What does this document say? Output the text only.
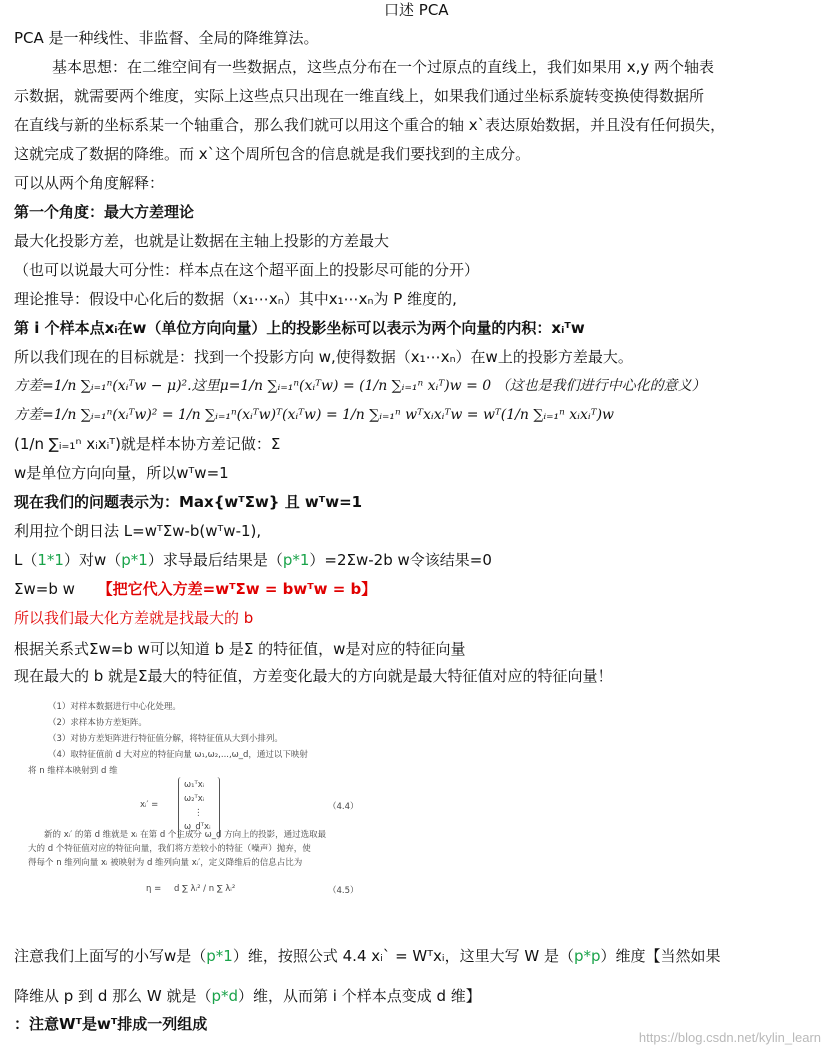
口述 PCA
PCA 是一种线性、非监督、全局的降维算法。
基本思想：在二维空间有一些数据点，这些点分布在一个过原点的直线上，我们如果用 x,y 两个轴表
示数据，就需要两个维度，实际上这些点只出现在一维直线上，如果我们通过坐标系旋转变换使得数据所
在直线与新的坐标系某一个轴重合，那么我们就可以用这个重合的轴 x`表达原始数据，并且没有任何损失，
这就完成了数据的降维。而 x`这个周所包含的信息就是我们要找到的主成分。
可以从两个角度解释：
第一个角度：最大方差理论
最大化投影方差，也就是让数据在主轴上投影的方差最大
（也可以说最大可分性：样本点在这个超平面上的投影尽可能的分开）
理论推导：假设中心化后的数据（x₁⋯xₙ）其中x₁⋯xₙ为 P 维度的,
第 i 个样本点xᵢ在w（单位方向向量）上的投影坐标可以表示为两个向量的内积：xᵢᵀw
所以我们现在的目标就是：找到一个投影方向 w,使得数据（x₁⋯xₙ）在w上的投影方差最大。
方差=1/n ∑ᵢ₌₁ⁿ(xᵢᵀw − μ)².这里μ=1/n ∑ᵢ₌₁ⁿ(xᵢᵀw) = (1/n ∑ᵢ₌₁ⁿ xᵢᵀ)w = 0 （这也是我们进行中心化的意义）
方差=1/n ∑ᵢ₌₁ⁿ(xᵢᵀw)² = 1/n ∑ᵢ₌₁ⁿ(xᵢᵀw)ᵀ(xᵢᵀw) = 1/n ∑ᵢ₌₁ⁿ wᵀxᵢxᵢᵀw = wᵀ(1/n ∑ᵢ₌₁ⁿ xᵢxᵢᵀ)w
(1/n ∑ᵢ₌₁ⁿ xᵢxᵢᵀ)就是样本协方差记做：Σ
w是单位方向向量，所以wᵀw=1
现在我们的问题表示为：Max{wᵀΣw} 且 wᵀw=1
利用拉个朗日法 L=wᵀΣw-b(wᵀw-1),
L（1*1）对w（p*1）求导最后结果是（p*1）=2Σw-2b w令该结果=0
Σw=b w 【把它代入方差=wᵀΣw = bwᵀw = b】
所以我们最大化方差就是找最大的 b
根据关系式Σw=b w可以知道 b 是Σ 的特征值，w是对应的特征向量
现在最大的 b 就是Σ最大的特征值，方差变化最大的方向就是最大特征值对应的特征向量！
（1）对样本数据进行中心化处理。
（2）求样本协方差矩阵。
（3）对协方差矩阵进行特征值分解，将特征值从大到小排列。
（4）取特征值前 d 大对应的特征向量 ω₁,ω₂,...,ω_d，通过以下映射
将 n 维样本映射到 d 维
xᵢ′ =
ω₁ᵀxᵢ
ω₂ᵀxᵢ
⋮
ω_dᵀxᵢ
（4.4）
新的 xᵢ′ 的第 d 维就是 xᵢ 在第 d 个主成分 ω_d 方向上的投影，通过选取最
大的 d 个特征值对应的特征向量，我们将方差较小的特征（噪声）抛弃，使
得每个 n 维列向量 xᵢ 被映射为 d 维列向量 xᵢ′，定义降维后的信息占比为
η = d ∑ λᵢ² / n ∑ λᵢ²	（4.5）
注意我们上面写的小写w是（p*1）维，按照公式 4.4 xᵢ` = Wᵀxᵢ，这里大写 W 是（p*p）维度【当然如果
降维从 p 到 d 那么 W 就是（p*d）维，从而第 i 个样本点变成 d 维】
：注意Wᵀ是wᵀ排成一列组成
https://blog.csdn.net/kylin_learn
